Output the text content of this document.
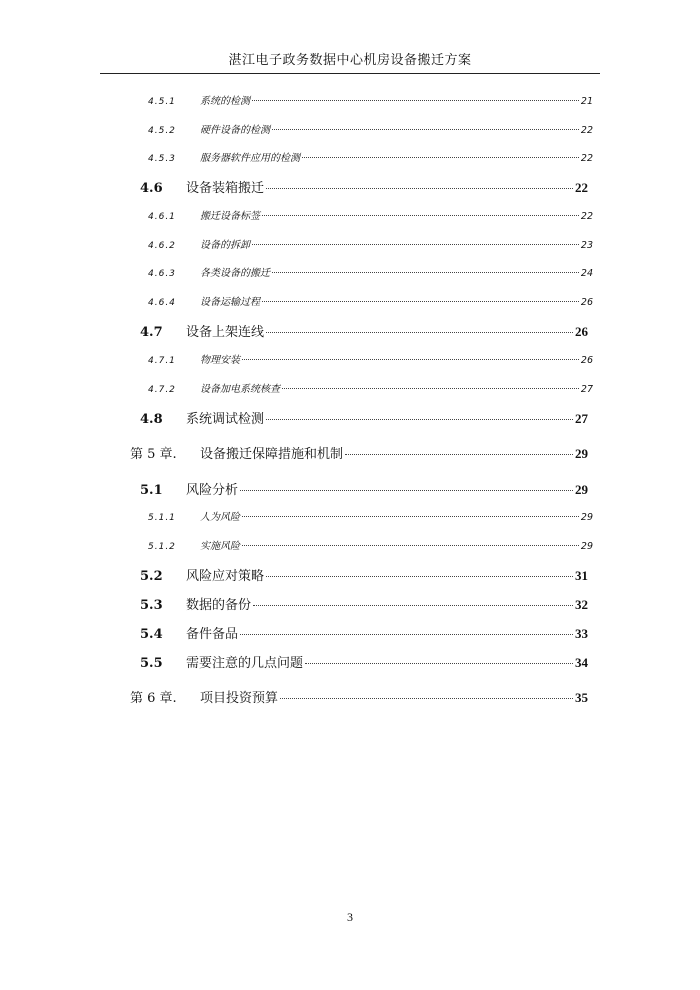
湛江电子政务数据中心机房设备搬迁方案
4.5.1	系统的检测	21
4.5.2	硬件设备的检测	22
4.5.3	服务器软件应用的检测	22
4.6	设备装箱搬迁	22
4.6.1	搬迁设备标签	22
4.6.2	设备的拆卸	23
4.6.3	各类设备的搬迁	24
4.6.4	设备运输过程	26
4.7	设备上架连线	26
4.7.1	物理安装	26
4.7.2	设备加电系统核查	27
4.8	系统调试检测	27
第 5 章.	设备搬迁保障措施和机制	29
5.1	风险分析	29
5.1.1	人为风险	29
5.1.2	实施风险	29
5.2	风险应对策略	31
5.3	数据的备份	32
5.4	备件备品	33
5.5	需要注意的几点问题	34
第 6 章.	项目投资预算	35
3
